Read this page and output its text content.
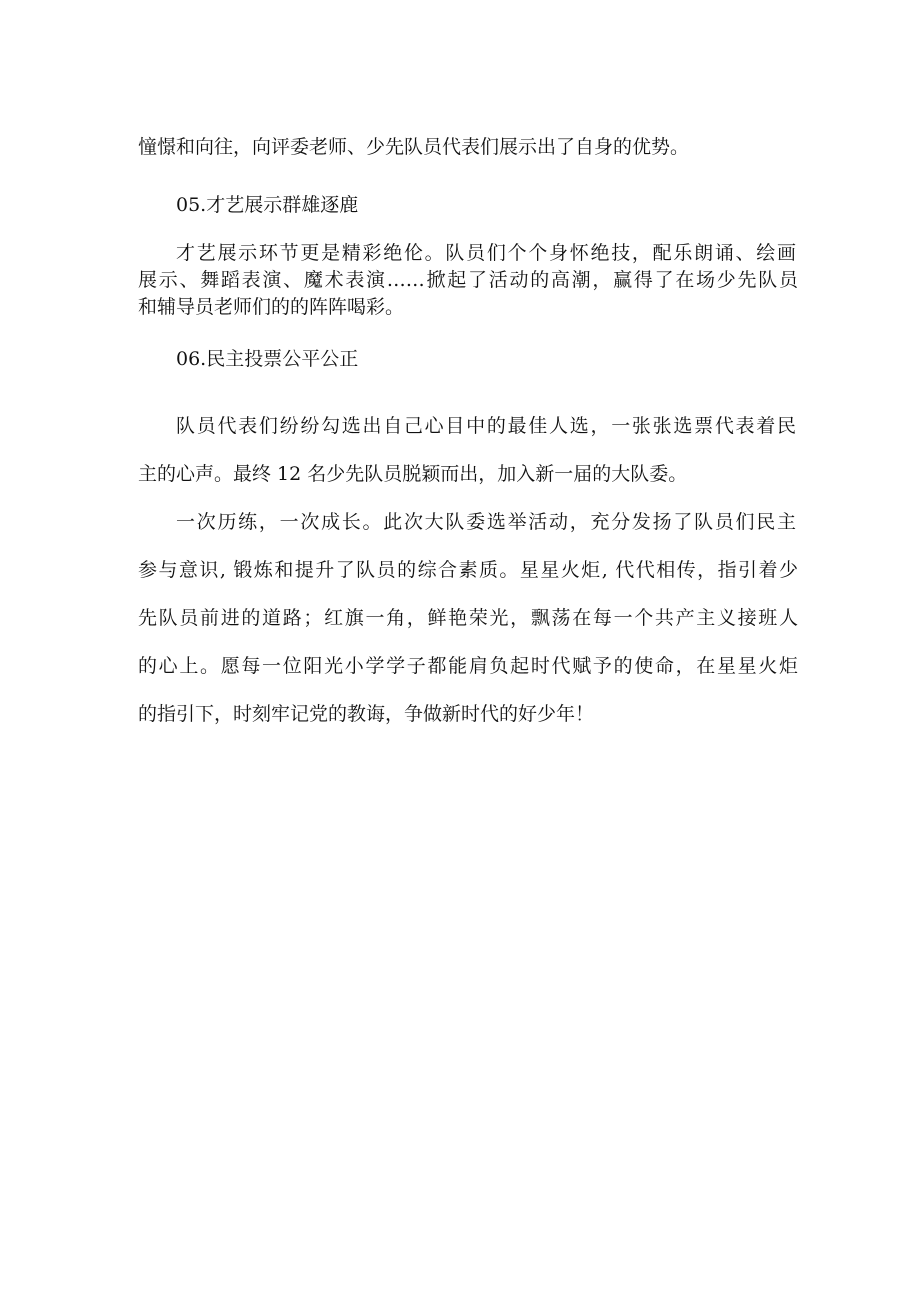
憧憬和向往，向评委老师、少先队员代表们展示出了自身的优势。

05.才艺展示群雄逐鹿

才艺展示环节更是精彩绝伦。队员们个个身怀绝技，配乐朗诵、绘画

展示、舞蹈表演、魔术表演……掀起了活动的高潮，赢得了在场少先队员

和辅导员老师们的的阵阵喝彩。

06.民主投票公平公正

队员代表们纷纷勾选出自己心目中的最佳人选，一张张选票代表着民

主的心声。最终 12 名少先队员脱颖而出，加入新一届的大队委。

一次历练，一次成长。此次大队委选举活动，充分发扬了队员们民主

参与意识, 锻炼和提升了队员的综合素质。星星火炬, 代代相传，指引着少

先队员前进的道路；红旗一角，鲜艳荣光，飘荡在每一个共产主义接班人

的心上。愿每一位阳光小学学子都能肩负起时代赋予的使命，在星星火炬

的指引下，时刻牢记党的教诲，争做新时代的好少年！
